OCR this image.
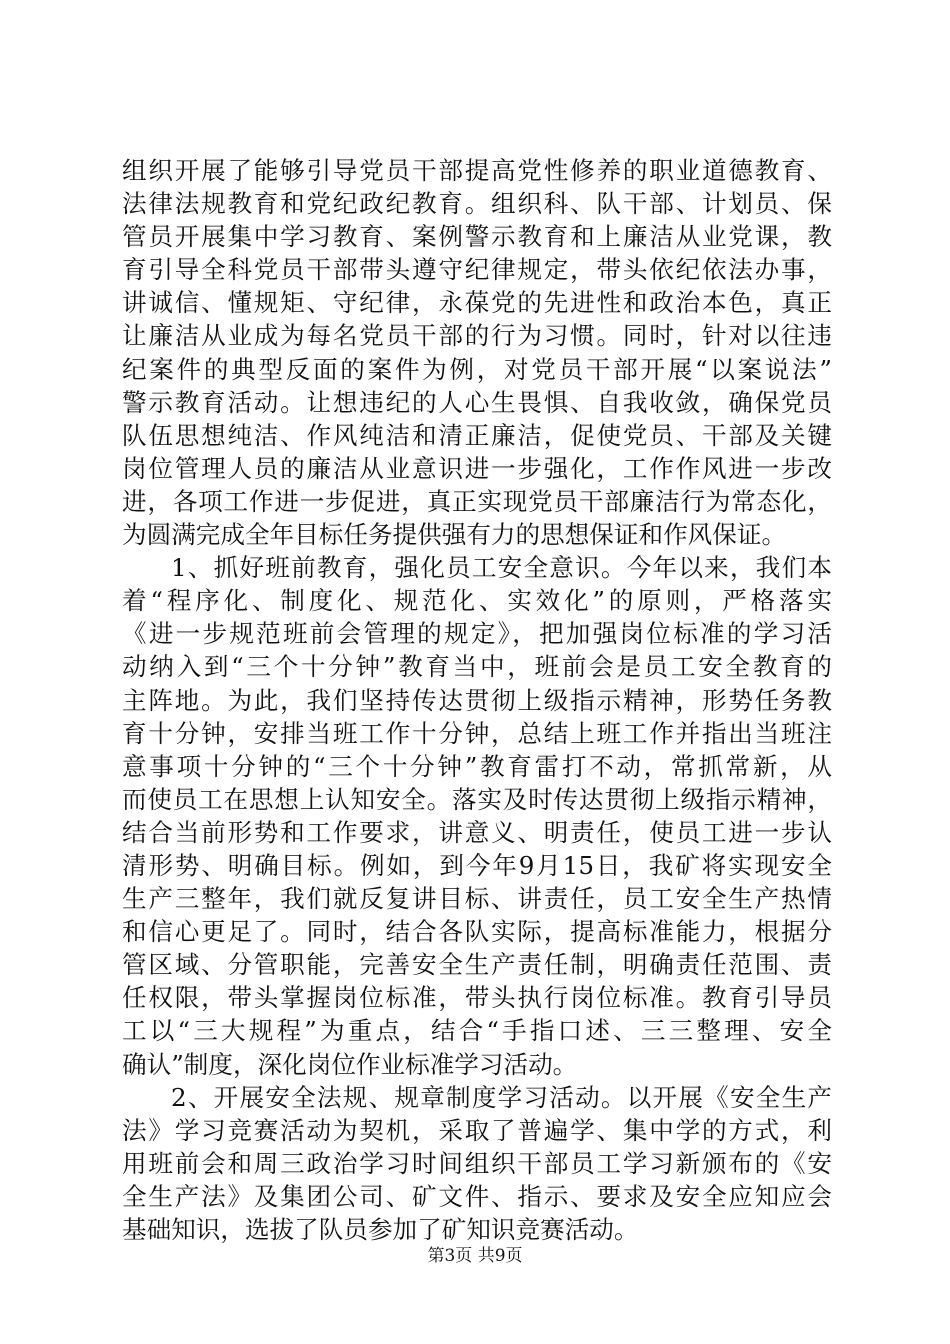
组织开展了能够引导党员干部提高党性修养的职业道德教育、
法律法规教育和党纪政纪教育。组织科、队干部、计划员、保
管员开展集中学习教育、案例警示教育和上廉洁从业党课，教
育引导全科党员干部带头遵守纪律规定，带头依纪依法办事，
讲诚信、懂规矩、守纪律，永葆党的先进性和政治本色，真正
让廉洁从业成为每名党员干部的行为习惯。同时，针对以往违
纪案件的典型反面的案件为例，对党员干部开展“以案说法”
警示教育活动。让想违纪的人心生畏惧、自我收敛，确保党员
队伍思想纯洁、作风纯洁和清正廉洁，促使党员、干部及关键
岗位管理人员的廉洁从业意识进一步强化，工作作风进一步改
进，各项工作进一步促进，真正实现党员干部廉洁行为常态化，
为圆满完成全年目标任务提供强有力的思想保证和作风保证。
1、抓好班前教育，强化员工安全意识。今年以来，我们本
着“程序化、制度化、规范化、实效化”的原则，严格落实
《进一步规范班前会管理的规定》，把加强岗位标准的学习活
动纳入到“三个十分钟”教育当中，班前会是员工安全教育的
主阵地。为此，我们坚持传达贯彻上级指示精神，形势任务教
育十分钟，安排当班工作十分钟，总结上班工作并指出当班注
意事项十分钟的“三个十分钟”教育雷打不动，常抓常新，从
而使员工在思想上认知安全。落实及时传达贯彻上级指示精神，
结合当前形势和工作要求，讲意义、明责任，使员工进一步认
清形势、明确目标。例如，到今年9月15日，我矿将实现安全
生产三整年，我们就反复讲目标、讲责任，员工安全生产热情
和信心更足了。同时，结合各队实际，提高标准能力，根据分
管区域、分管职能，完善安全生产责任制，明确责任范围、责
任权限，带头掌握岗位标准，带头执行岗位标准。教育引导员
工以“三大规程”为重点，结合“手指口述、三三整理、安全
确认”制度，深化岗位作业标准学习活动。
2、开展安全法规、规章制度学习活动。以开展《安全生产
法》学习竞赛活动为契机，采取了普遍学、集中学的方式，利
用班前会和周三政治学习时间组织干部员工学习新颁布的《安
全生产法》及集团公司、矿文件、指示、要求及安全应知应会
基础知识，选拔了队员参加了矿知识竞赛活动。
第3页 共9页
